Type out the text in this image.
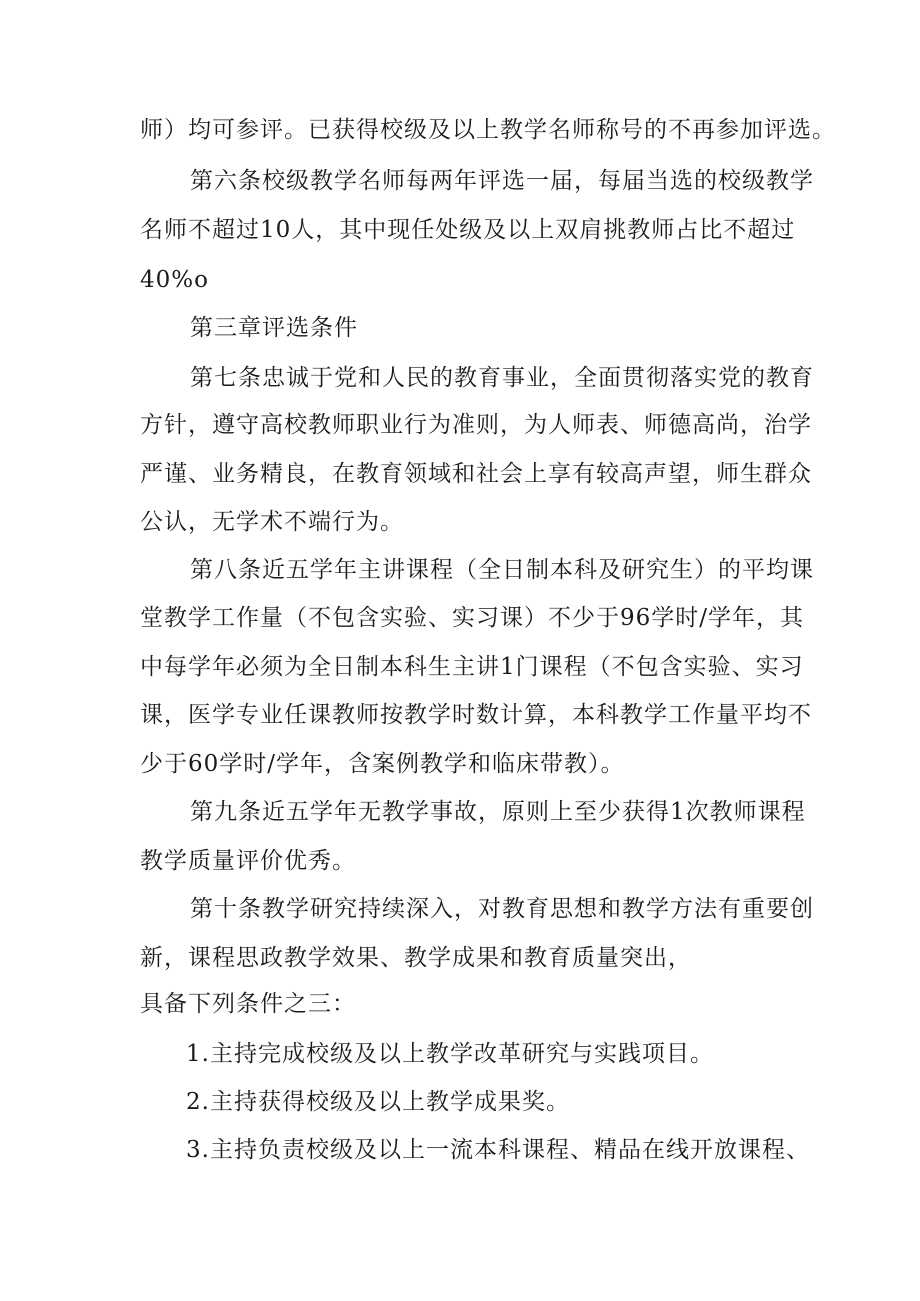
师）均可参评。已获得校级及以上教学名师称号的不再参加评选。
第六条校级教学名师每两年评选一届，每届当选的校级教学
名师不超过10人，其中现任处级及以上双肩挑教师占比不超过
40%o
第三章评选条件
第七条忠诚于党和人民的教育事业，全面贯彻落实党的教育
方针，遵守高校教师职业行为准则，为人师表、师德高尚，治学
严谨、业务精良，在教育领域和社会上享有较高声望，师生群众
公认，无学术不端行为。
第八条近五学年主讲课程（全日制本科及研究生）的平均课
堂教学工作量（不包含实验、实习课）不少于96学时/学年，其
中每学年必须为全日制本科生主讲1门课程（不包含实验、实习
课，医学专业任课教师按教学时数计算，本科教学工作量平均不
少于60学时/学年，含案例教学和临床带教）。
第九条近五学年无教学事故，原则上至少获得1次教师课程
教学质量评价优秀。
第十条教学研究持续深入，对教育思想和教学方法有重要创
新，课程思政教学效果、教学成果和教育质量突出，
具备下列条件之三：
1.主持完成校级及以上教学改革研究与实践项目。
2.主持获得校级及以上教学成果奖。
3.主持负责校级及以上一流本科课程、精品在线开放课程、
